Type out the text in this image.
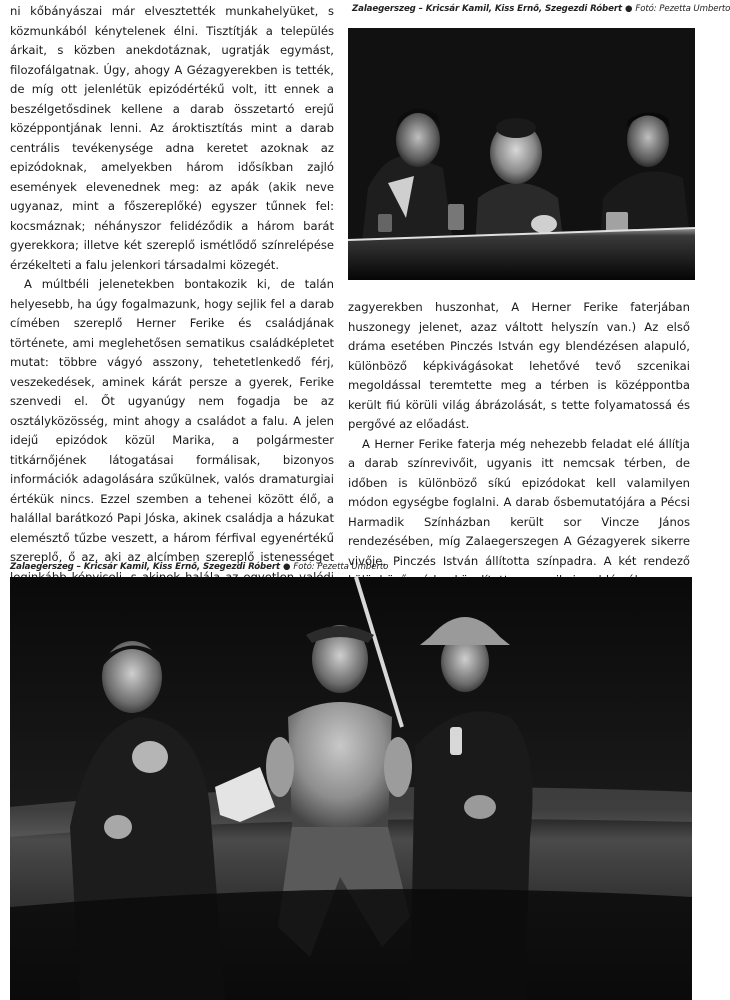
Zalaegerszeg – Kricsár Kamil, Kiss Ernő, Szegezdi Róbert ● Fotó: Pezetta Umberto

ni kőbányászai már elvesztették munkahelyüket, s közmunkából kénytelenek élni. Tisztítják a település árkait, s közben anekdotáznak, ugratják egymást, filozofálgatnak. Úgy, ahogy A Gézagyerekben is tették, de míg ott jelenlétük epizódértékű volt, itt ennek a beszélgetősdinek kellene a darab összetartó erejű középpontjának lenni. Az ároktisztítás mint a darab centrális tevékenysége adna keretet azoknak az epizódoknak, amelyekben három idősíkban zajló események elevenednek meg: az apák (akik neve ugyanaz, mint a főszereplőké) egyszer tűnnek fel: kocsmáznak; néhányszor felidéződik a három barát gyerekkora; illetve két szereplő ismétlődő színrelépése érzékelteti a falu jelenkori társadalmi közegét.

A múltbéli jelenetekben bontakozik ki, de talán helyesebb, ha úgy fogalmazunk, hogy sejlik fel a darab címében szereplő Herner Ferike és családjának története, ami meglehetősen sematikus családképletet mutat: többre vágyó asszony, tehetetlenkedő férj, veszekedések, aminek kárát persze a gyerek, Ferike szenvedi el. Őt ugyanúgy nem fogadja be az osztályközösség, mint ahogy a családot a falu. A jelen idejű epizódok közül Marika, a polgármester titkárnőjének látogatásai formálisak, bizonyos információk adagolására szűkülnek, valós dramaturgiai értékük nincs. Ezzel szemben a tehenei között élő, a halállal barátkozó Papi Jóska, akinek családja a házukat elemésztő tűzbe veszett, a három férfival egyenértékű szereplő, ő az, aki az alcímben szereplő istenességet

zagyerekben huszonhat, A Herner Ferike faterjában huszonegy jelenet, azaz váltott helyszín van.) Az első dráma esetében Pinczés István egy blendézésen alapuló, különböző képkivágásokat lehetővé tevő szcenikai megoldással teremtette meg a térben is középpontba került fiú körüli világ ábrázolását, s tette folyamatossá és pergővé az előadást.

A Herner Ferike faterja még nehezebb feladat elé állítja a darab színrevivőit, ugyanis itt nemcsak térben, de időben is különböző síkú epizódokat kell valamilyen módon egységbe foglalni. A darab ősbemutatójára a Pécsi Harmadik Színházban került sor Vincze János rendezésében, míg Zalaegerszegen A Gézagyerek sikerre vivője, Pinczés István állította színpadra. A két rendező

Zalaegerszeg – Kricsár Kamil, Kiss Ernő, Szegezdi Róbert ● Fotó: Pezetta Umberto
